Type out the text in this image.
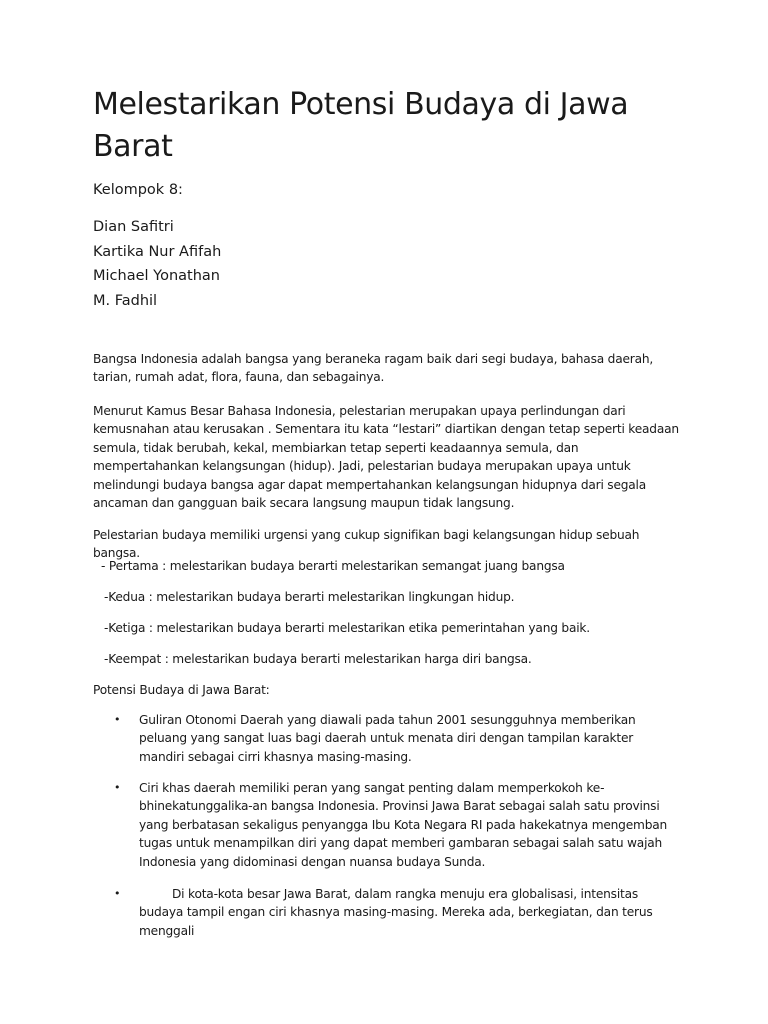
Melestarikan Potensi Budaya di Jawa Barat

Kelompok 8:

Dian Safitri
Kartika Nur Afifah
Michael Yonathan
M. Fadhil

Bangsa Indonesia adalah bangsa yang beraneka ragam baik dari segi budaya, bahasa daerah, tarian, rumah adat, flora, fauna, dan sebagainya.

Menurut Kamus Besar Bahasa Indonesia, pelestarian merupakan upaya perlindungan dari kemusnahan atau kerusakan . Sementara itu kata “lestari” diartikan dengan tetap seperti keadaan semula, tidak berubah, kekal, membiarkan tetap seperti keadaannya semula, dan mempertahankan kelangsungan (hidup). Jadi, pelestarian budaya merupakan upaya untuk melindungi budaya bangsa agar dapat mempertahankan kelangsungan hidupnya dari segala ancaman dan gangguan baik secara langsung maupun tidak langsung.

Pelestarian budaya memiliki urgensi yang cukup signifikan bagi kelangsungan hidup sebuah bangsa.

- Pertama : melestarikan budaya berarti melestarikan semangat juang bangsa

-Kedua : melestarikan budaya berarti melestarikan lingkungan hidup.

-Ketiga : melestarikan budaya berarti melestarikan etika pemerintahan yang baik.

-Keempat : melestarikan budaya berarti melestarikan harga diri bangsa.

Potensi Budaya di Jawa Barat:

• Guliran Otonomi Daerah yang diawali pada tahun 2001 sesungguhnya memberikan peluang yang sangat luas bagi daerah untuk menata diri dengan tampilan karakter mandiri sebagai cirri khasnya masing-masing.

• Ciri khas daerah memiliki peran yang sangat penting dalam memperkokoh ke-bhinekatunggalika-an bangsa Indonesia. Provinsi Jawa Barat sebagai salah satu provinsi yang berbatasan sekaligus penyangga Ibu Kota Negara RI pada hakekatnya mengemban tugas untuk menampilkan diri yang dapat memberi gambaran sebagai salah satu wajah Indonesia yang didominasi dengan nuansa budaya Sunda.

•	Di kota-kota besar Jawa Barat, dalam rangka menuju era globalisasi, intensitas budaya tampil engan ciri khasnya masing-masing. Mereka ada, berkegiatan, dan terus menggali
